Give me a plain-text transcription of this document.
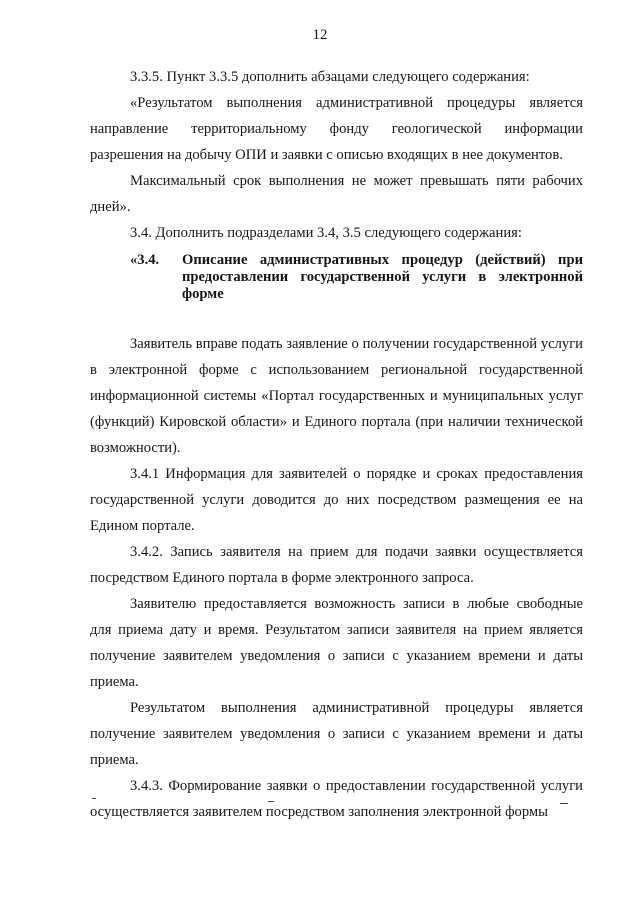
12

3.3.5. Пункт 3.3.5 дополнить абзацами следующего содержания:

«Результатом выполнения административной процедуры является направление территориальному фонду геологической информации разрешения на добычу ОПИ и заявки с описью входящих в нее документов.

Максимальный срок выполнения не может превышать пяти рабочих дней».

3.4. Дополнить подразделами 3.4, 3.5 следующего содержания:

«3.4.	Описание административных процедур (действий) при предоставлении государственной услуги в электронной форме

Заявитель вправе подать заявление о получении государственной услуги в электронной форме с использованием региональной государственной информационной системы «Портал государственных и муниципальных услуг (функций) Кировской области» и Единого портала (при наличии технической возможности).

3.4.1 Информация для заявителей о порядке и сроках предоставления государственной услуги доводится до них посредством размещения ее на Едином портале.

3.4.2. Запись заявителя на прием для подачи заявки осуществляется посредством Единого портала в форме электронного запроса.

Заявителю предоставляется возможность записи в любые свободные для приема дату и время. Результатом записи заявителя на прием является получение заявителем уведомления о записи с указанием времени и даты приема.

Результатом выполнения административной процедуры является получение заявителем уведомления о записи с указанием времени и даты приема.

3.4.3. Формирование заявки о предоставлении государственной услуги осуществляется заявителем посредством заполнения электронной формы
